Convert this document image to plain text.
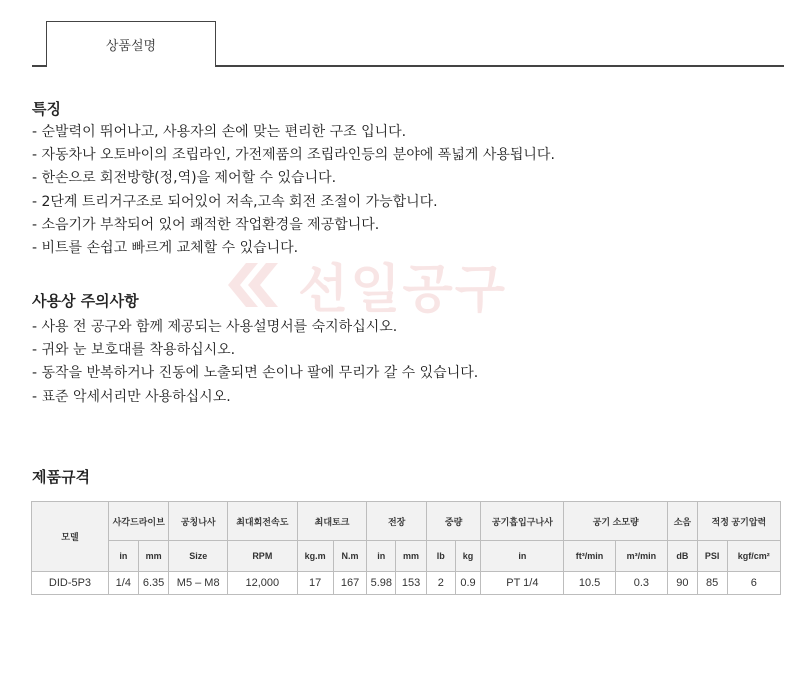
상품설명
특징
- 순발력이 뛰어나고, 사용자의 손에 맞는 편리한 구조 입니다.
- 자동차나 오토바이의 조립라인, 가전제품의 조립라인등의 분야에 폭넓게 사용됩니다.
- 한손으로 회전방향(정,역)을 제어할 수 있습니다.
- 2단계 트리거구조로 되어있어 저속,고속 회전 조절이 가능합니다.
- 소음기가 부착되어 있어 쾌적한 작업환경을 제공합니다.
- 비트를 손쉽고 빠르게 교체할 수 있습니다.
선일공구
사용상 주의사항
- 사용 전 공구와 함께 제공되는 사용설명서를 숙지하십시오.
- 귀와 눈 보호대를 착용하십시오.
- 동작을 반복하거나 진동에 노출되면 손이나 팔에 무리가 갈 수 있습니다.
- 표준 악세서리만 사용하십시오.
제품규격
모델	사각드라이브		공칭나사	최대회전속도	최대토크		전장		중량		공기흡입구나사	공기 소모량		소음	적정 공기압력	
	in	mm	Size	RPM	kg.m	N.m	in	mm	lb	kg	in	ft³/min	m³/min	dB	PSI	kgf/cm²
DID-5P3	1/4	6.35	M5 – M8	12,000	17	167	5.98	153	2	0.9	PT 1/4	10.5	0.3	90	85	6
